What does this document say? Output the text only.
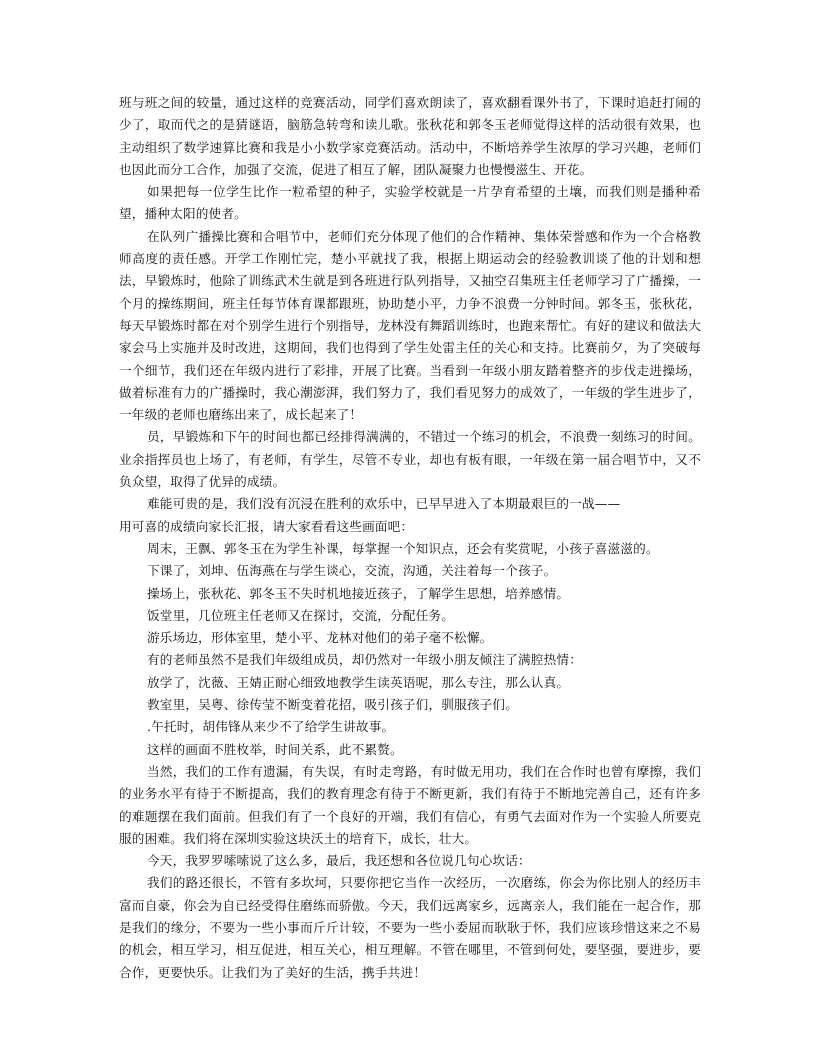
班与班之间的较量，通过这样的竞赛活动，同学们喜欢朗读了，喜欢翻看课外书了，下课时追赶打闹的少了，取而代之的是猜谜语，脑筋急转弯和读儿歌。张秋花和郭冬玉老师觉得这样的活动很有效果，也主动组织了数学速算比赛和我是小小数学家竞赛活动。活动中，不断培养学生浓厚的学习兴趣，老师们也因此而分工合作，加强了交流，促进了相互了解，团队凝聚力也慢慢滋生、开花。

如果把每一位学生比作一粒希望的种子，实验学校就是一片孕育希望的土壤，而我们则是播种希望，播种太阳的使者。

在队列广播操比赛和合唱节中，老师们充分体现了他们的合作精神、集体荣誉感和作为一个合格教师高度的责任感。开学工作刚忙完，楚小平就找了我，根据上期运动会的经验教训谈了他的计划和想法，早锻炼时，他除了训练武术生就是到各班进行队列指导，又抽空召集班主任老师学习了广播操，一个月的操练期间，班主任每节体育课都跟班，协助楚小平，力争不浪费一分钟时间。郭冬玉，张秋花，每天早锻炼时都在对个别学生进行个别指导，龙林没有舞蹈训练时，也跑来帮忙。有好的建议和做法大家会马上实施并及时改进，这期间，我们也得到了学生处雷主任的关心和支持。比赛前夕，为了突破每一个细节，我们还在年级内进行了彩排，开展了比赛。当看到一年级小朋友踏着整齐的步伐走进操场，做着标准有力的广播操时，我心潮澎湃，我们努力了，我们看见努力的成效了，一年级的学生进步了，一年级的老师也磨练出来了，成长起来了！

员，早锻炼和下午的时间也都已经排得满满的，不错过一个练习的机会，不浪费一刻练习的时间。业余指挥员也上场了，有老师，有学生，尽管不专业，却也有板有眼，一年级在第一届合唱节中，又不负众望，取得了优异的成绩。

难能可贵的是，我们没有沉浸在胜利的欢乐中，已早早进入了本期最艰巨的一战——

用可喜的成绩向家长汇报，请大家看看这些画面吧：

周末，王飘、郭冬玉在为学生补课，每掌握一个知识点，还会有奖赏呢，小孩子喜滋滋的。

下课了，刘坤、伍海燕在与学生谈心，交流，沟通，关注着每一个孩子。

操场上，张秋花、郭冬玉不失时机地接近孩子，了解学生思想，培养感情。

饭堂里，几位班主任老师又在探讨，交流，分配任务。

游乐场边，形体室里，楚小平、龙林对他们的弟子毫不松懈。

有的老师虽然不是我们年级组成员，却仍然对一年级小朋友倾注了满腔热情：

放学了，沈薇、王婧正耐心细致地教学生读英语呢，那么专注，那么认真。

教室里，吴粤、徐传莹不断变着花招，吸引孩子们，驯服孩子们。

.午托时，胡伟锋从来少不了给学生讲故事。

这样的画面不胜枚举，时间关系，此不累赘。

当然，我们的工作有遗漏，有失误，有时走弯路，有时做无用功，我们在合作时也曾有摩擦，我们的业务水平有待于不断提高，我们的教育理念有待于不断更新，我们有待于不断地完善自己，还有许多的难题摆在我们面前。但我们有了一个良好的开端，我们有信心，有勇气去面对作为一个实验人所要克服的困难。我们将在深圳实验这块沃土的培育下，成长，壮大。

今天，我罗罗嗦嗦说了这么多，最后，我还想和各位说几句心坎话：

我们的路还很长，不管有多坎坷，只要你把它当作一次经历，一次磨练，你会为你比别人的经历丰富而自豪，你会为自已经受得住磨练而骄傲。今天，我们远离家乡，远离亲人，我们能在一起合作，那是我们的缘分，不要为一些小事而斤斤计较，不要为一些小委屈而耿耿于怀，我们应该珍惜这来之不易的机会，相互学习，相互促进，相互关心，相互理解。不管在哪里，不管到何处，要坚强，要进步，要合作，更要快乐。让我们为了美好的生活，携手共进！
